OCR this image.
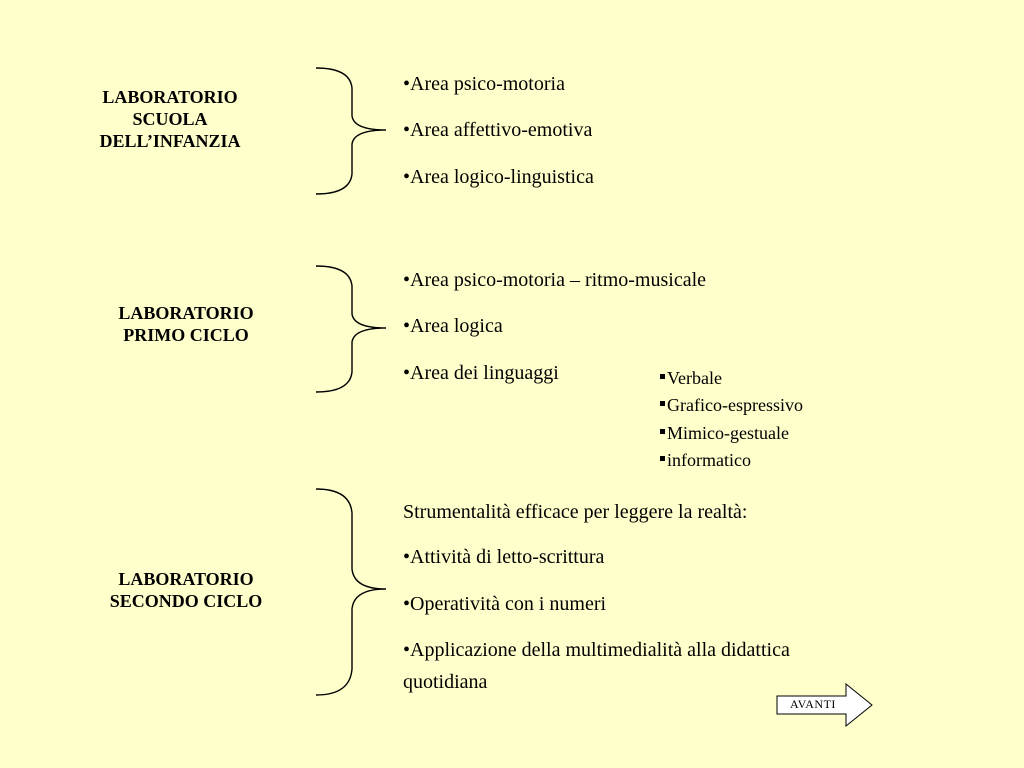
LABORATORIO
SCUOLA
DELL’INFANZIA
•Area psico-motoria
•Area affettivo-emotiva
•Area logico-linguistica
LABORATORIO
PRIMO CICLO
•Area psico-motoria – ritmo-musicale
•Area logica
•Area dei linguaggi	Verbale
Grafico-espressivo
Mimico-gestuale
informatico
LABORATORIO
SECONDO CICLO
Strumentalità efficace per leggere la realtà:
•Attività di letto-scrittura
•Operatività con i numeri
•Applicazione della multimedialità alla didattica
quotidiana
AVANTI
